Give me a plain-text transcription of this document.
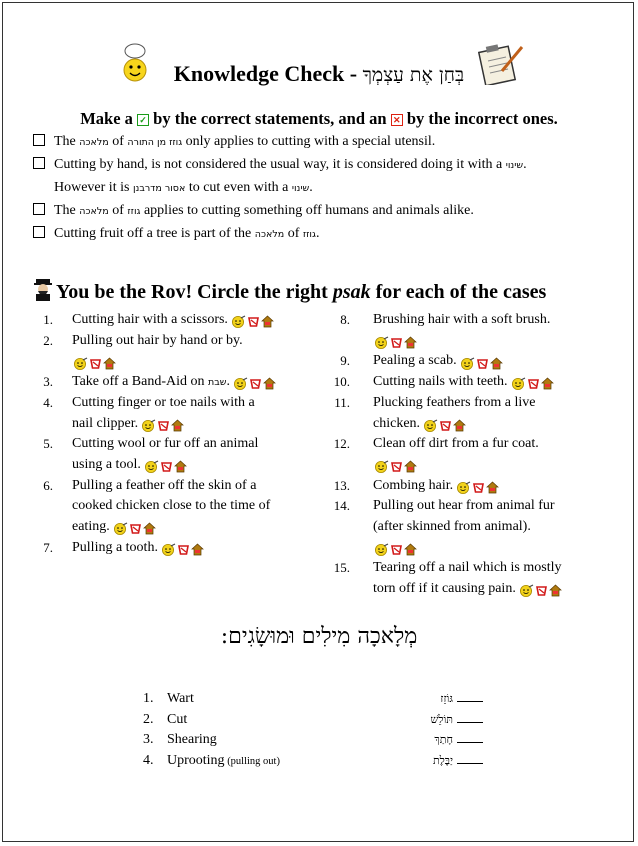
Knowledge Check - בְּחַן אֶת עַצְמְךָ
Make a ✓ by the correct statements, and an ✕ by the incorrect ones.
The מלאכה of גוזז מן התורה only applies to cutting with a special utensil.
Cutting by hand, is not considered the usual way, it is considered doing it with a שינוי.
However it is אסור מדרבנן to cut even with a שינוי.
The מלאכה of גוזז applies to cutting something off humans and animals alike.
Cutting fruit off a tree is part of the מלאכה of גוזז.
You be the Rov! Circle the right psak for each of the cases
1. Cutting hair with a scissors.
2. Pulling out hair by hand or by.
3. Take off a Band-Aid on שבת.
4. Cutting finger or toe nails with a
nail clipper.
5. Cutting wool or fur off an animal
using a tool.
6. Pulling a feather off the skin of a
cooked chicken close to the time of
eating.
7. Pulling a tooth.
8. Brushing hair with a soft brush.
9. Pealing a scab.
10. Cutting nails with teeth.
11. Plucking feathers from a live
chicken.
12. Clean off dirt from a fur coat.
13. Combing hair.
14. Pulling out hear from animal fur
(after skinned from animal).
15. Tearing off a nail which is mostly
torn off if it causing pain.
:מְלָאכָה מִילִים וּמוּשָׂגִים
1. Wart	גּוֹזֵז
2. Cut	תּוֹלֵשׁ
3. Shearing	חָתַךְ
4. Uprooting (pulling out)	יַבֶּלֶת
